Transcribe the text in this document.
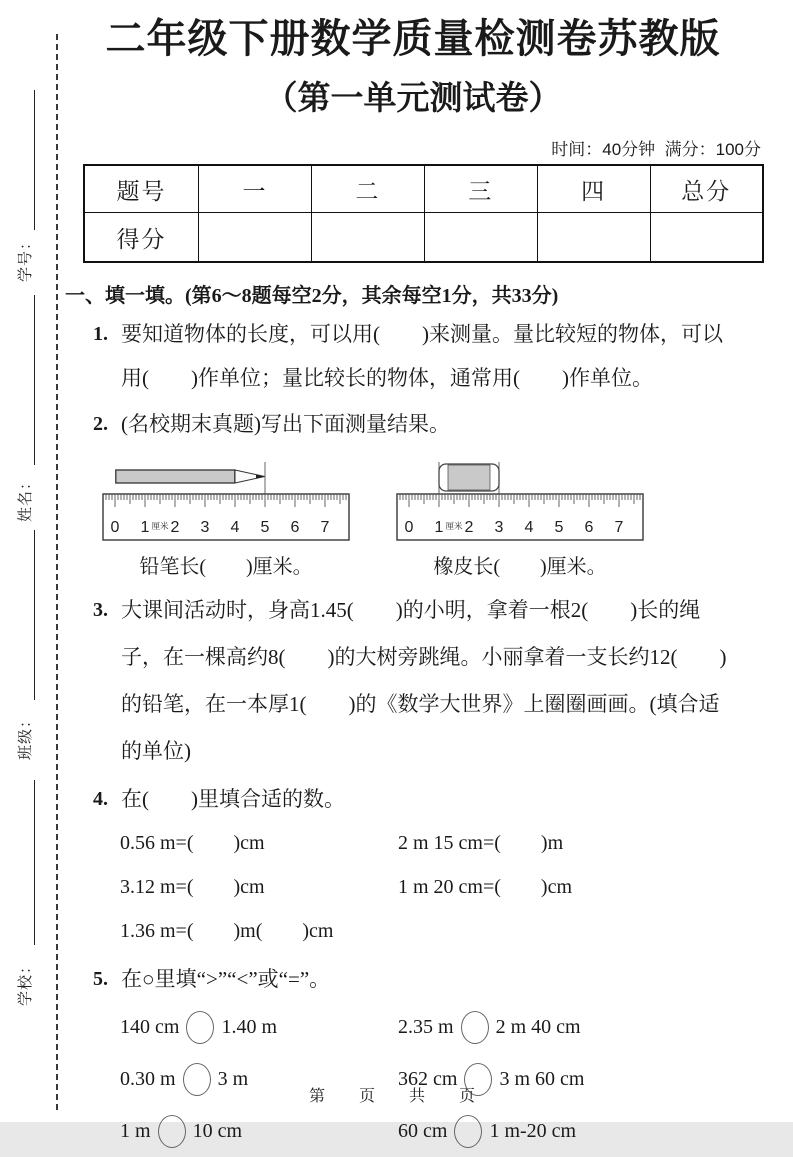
学号：
姓名：
班级：
学校：
二年级下册数学质量检测卷苏教版
（第一单元测试卷）
时间：40分钟  满分：100分
题号	一	二	三	四	总分
得分					
一、填一填。(第6～8题每空2分，其余每空1分，共33分)
1. 要知道物体的长度，可以用(　　)来测量。量比较短的物体，可以用(　　)作单位；量比较长的物体，通常用(　　)作单位。
2. (名校期末真题)写出下面测量结果。
0 1 2 3 4 5 6 7
厘米
铅笔长(　　)厘米。
0 1 2 3 4 5 6 7
厘米
橡皮长(　　)厘米。
3. 大课间活动时，身高1.45(　　)的小明，拿着一根2(　　)长的绳子，在一棵高约8(　　)的大树旁跳绳。小丽拿着一支长约12(　　)的铅笔，在一本厚1(　　)的《数学大世界》上圈圈画画。(填合适的单位)
4. 在(　　)里填合适的数。
0.56 m=(　　)cm	2 m 15 cm=(　　)m
3.12 m=(　　)cm	1 m 20 cm=(　　)cm
1.36 m=(　　)m(　　)cm
5. 在○里填“>”“<”或“=”。
140 cm 1.40 m	2.35 m 2 m 40 cm
0.30 m 3 m	362 cm 3 m 60 cm
1 m 10 cm	60 cm 1 m-20 cm
第　页　共　页
